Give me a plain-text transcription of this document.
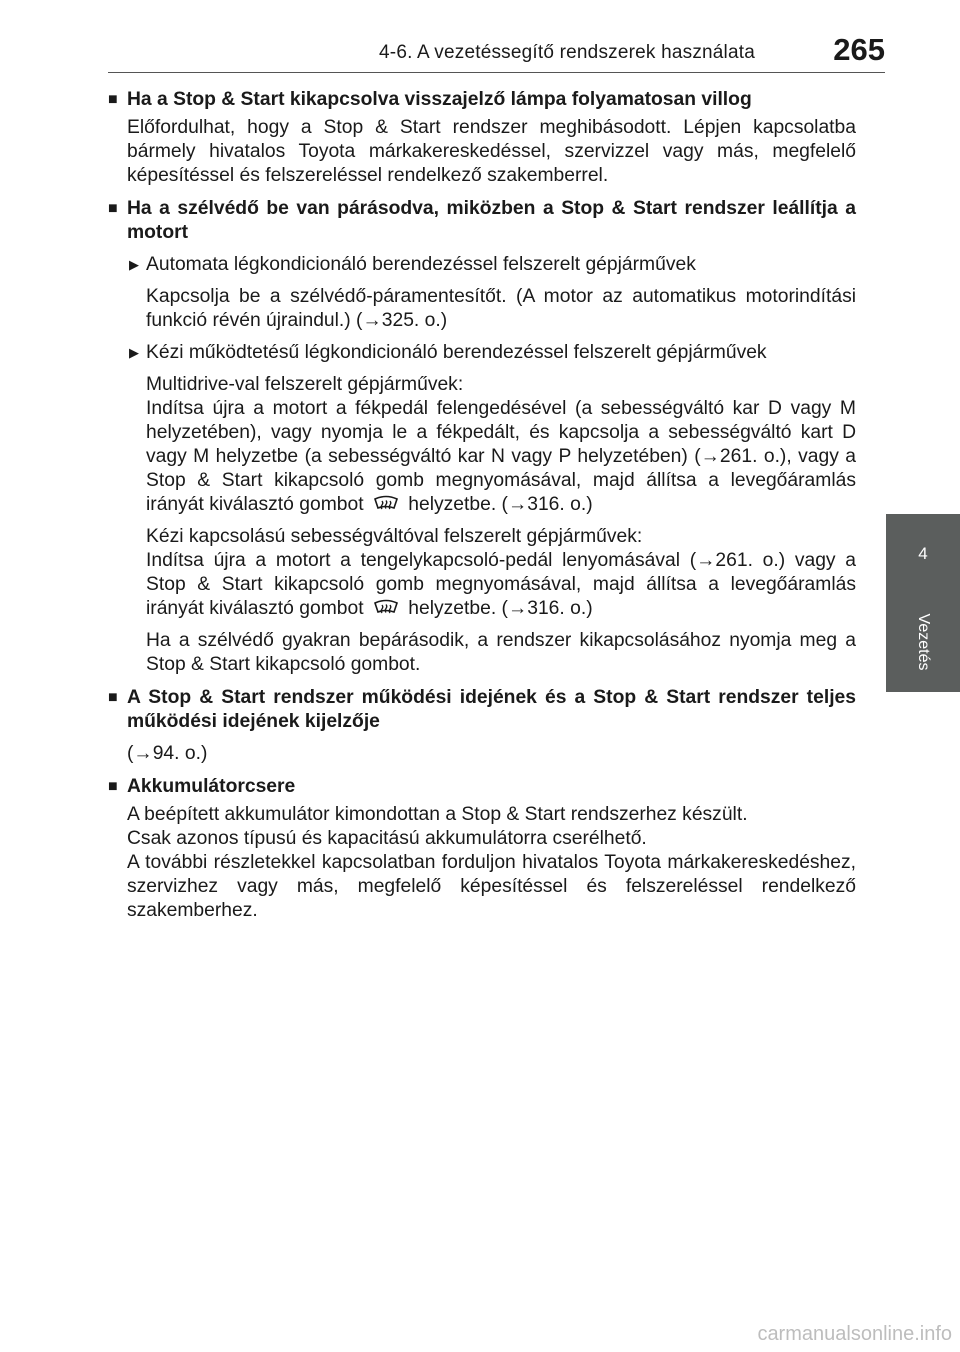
4-6. A vezetéssegítő rendszerek használata	265
4
Vezetés
■ Ha a Stop & Start kikapcsolva visszajelző lámpa folyamatosan villog
Előfordulhat, hogy a Stop & Start rendszer meghibásodott. Lépjen kapcsolatba bármely hivatalos Toyota márkakereskedéssel, szervizzel vagy más, megfelelő képesítéssel és felszereléssel rendelkező szakemberrel.
■ Ha a szélvédő be van párásodva, miközben a Stop & Start rendszer leállítja a motort
▶ Automata légkondicionáló berendezéssel felszerelt gépjárművek
Kapcsolja be a szélvédő-páramentesítőt. (A motor az automatikus motorindítási funkció révén újraindul.) (→325. o.)
▶ Kézi működtetésű légkondicionáló berendezéssel felszerelt gépjárművek
Multidrive-val felszerelt gépjárművek:
Indítsa újra a motort a fékpedál felengedésével (a sebességváltó kar D vagy M helyzetében), vagy nyomja le a fékpedált, és kapcsolja a sebességváltó kart D vagy M helyzetbe (a sebességváltó kar N vagy P helyzetében) (→261. o.), vagy a Stop & Start kikapcsoló gomb megnyomásával, majd állítsa a levegőáramlás irányát kiválasztó gombot helyzetbe. (→316. o.)
Kézi kapcsolású sebességváltóval felszerelt gépjárművek:
Indítsa újra a motort a tengelykapcsoló-pedál lenyomásával (→261. o.) vagy a Stop & Start kikapcsoló gomb megnyomásával, majd állítsa a levegőáramlás irányát kiválasztó gombot helyzetbe. (→316. o.)
Ha a szélvédő gyakran bepárásodik, a rendszer kikapcsolásához nyomja meg a Stop & Start kikapcsoló gombot.
■ A Stop & Start rendszer működési idejének és a Stop & Start rendszer teljes működési idejének kijelzője
(→94. o.)
■ Akkumulátorcsere
A beépített akkumulátor kimondottan a Stop & Start rendszerhez készült.
Csak azonos típusú és kapacitású akkumulátorra cserélhető.
A további részletekkel kapcsolatban forduljon hivatalos Toyota márkakereskedéshez, szervizhez vagy más, megfelelő képesítéssel és felszereléssel rendelkező szakemberhez.
carmanualsonline.info
